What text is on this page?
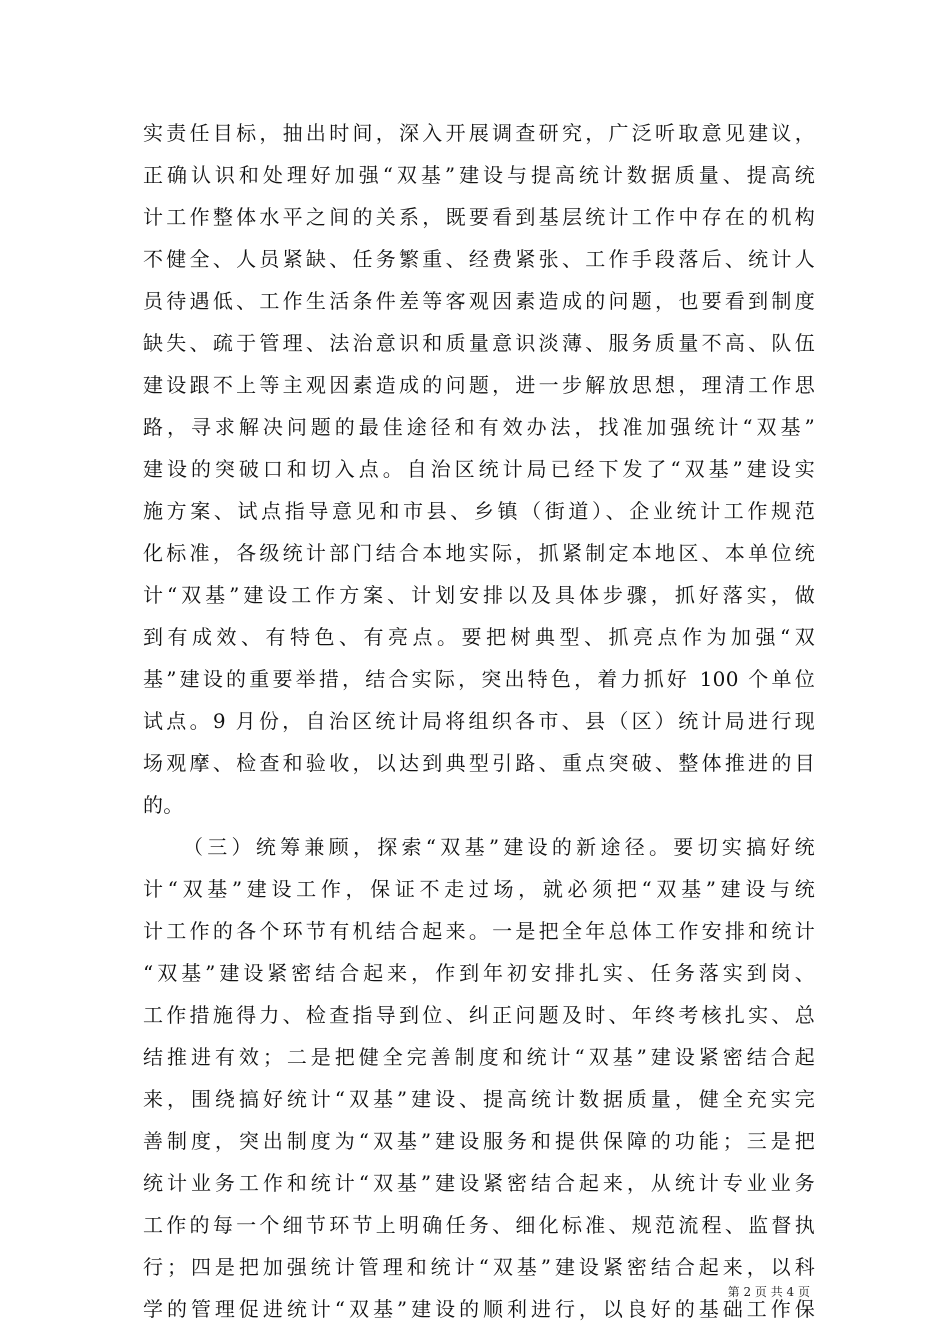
实责任目标，抽出时间，深入开展调查研究，广泛听取意见建议，
正确认识和处理好加强“双基”建设与提高统计数据质量、提高统
计工作整体水平之间的关系，既要看到基层统计工作中存在的机构
不健全、人员紧缺、任务繁重、经费紧张、工作手段落后、统计人
员待遇低、工作生活条件差等客观因素造成的问题，也要看到制度
缺失、疏于管理、法治意识和质量意识淡薄、服务质量不高、队伍
建设跟不上等主观因素造成的问题，进一步解放思想，理清工作思
路，寻求解决问题的最佳途径和有效办法，找准加强统计“双基”
建设的突破口和切入点。自治区统计局已经下发了“双基”建设实
施方案、试点指导意见和市县、乡镇（街道）、企业统计工作规范
化标准，各级统计部门结合本地实际，抓紧制定本地区、本单位统
计“双基”建设工作方案、计划安排以及具体步骤，抓好落实，做
到有成效、有特色、有亮点。要把树典型、抓亮点作为加强“双
基”建设的重要举措，结合实际，突出特色，着力抓好 100 个单位
试点。9 月份，自治区统计局将组织各市、县（区）统计局进行现
场观摩、检查和验收，以达到典型引路、重点突破、整体推进的目
的。
（三）统筹兼顾，探索“双基”建设的新途径。要切实搞好统
计“双基”建设工作，保证不走过场，就必须把“双基”建设与统
计工作的各个环节有机结合起来。一是把全年总体工作安排和统计
“双基”建设紧密结合起来，作到年初安排扎实、任务落实到岗、
工作措施得力、检查指导到位、纠正问题及时、年终考核扎实、总
结推进有效；二是把健全完善制度和统计“双基”建设紧密结合起
来，围绕搞好统计“双基”建设、提高统计数据质量，健全充实完
善制度，突出制度为“双基”建设服务和提供保障的功能；三是把
统计业务工作和统计“双基”建设紧密结合起来，从统计专业业务
工作的每一个细节环节上明确任务、细化标准、规范流程、监督执
行；四是把加强统计管理和统计“双基”建设紧密结合起来，以科
学的管理促进统计“双基”建设的顺利进行，以良好的基础工作保
第 2 页 共 4 页
